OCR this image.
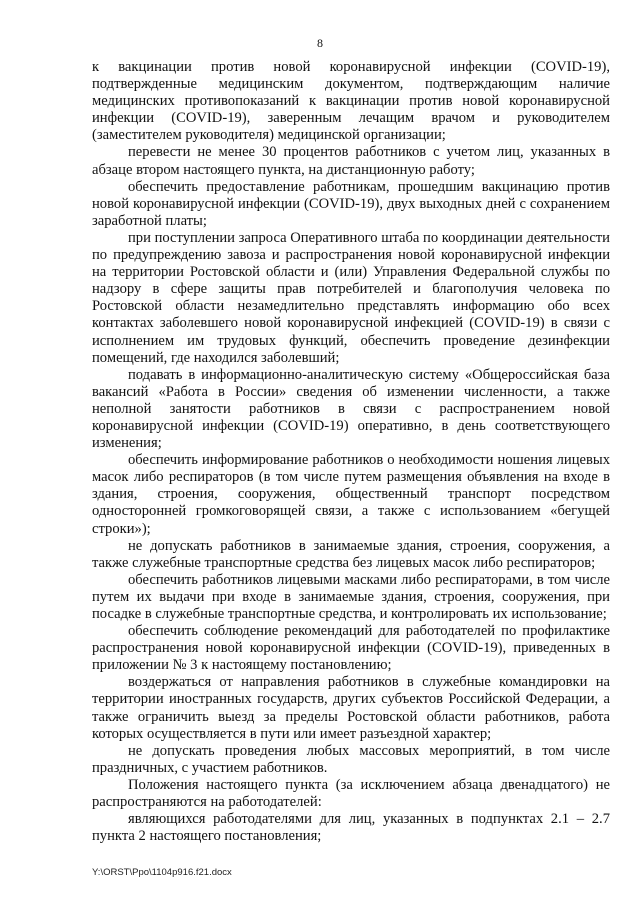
8

к вакцинации против новой коронавирусной инфекции (COVID-19), подтвержденные медицинским документом, подтверждающим наличие медицинских противопоказаний к вакцинации против новой коронавирусной инфекции (COVID-19), заверенным лечащим врачом и руководителем (заместителем руководителя) медицинской организации;

перевести не менее 30 процентов работников с учетом лиц, указанных в абзаце втором настоящего пункта, на дистанционную работу;

обеспечить предоставление работникам, прошедшим вакцинацию против новой коронавирусной инфекции (COVID-19), двух выходных дней с сохранением заработной платы;

при поступлении запроса Оперативного штаба по координации деятельности по предупреждению завоза и распространения новой коронавирусной инфекции на территории Ростовской области и (или) Управления Федеральной службы по надзору в сфере защиты прав потребителей и благополучия человека по Ростовской области незамедлительно представлять информацию обо всех контактах заболевшего новой коронавирусной инфекцией (COVID-19) в связи с исполнением им трудовых функций, обеспечить проведение дезинфекции помещений, где находился заболевший;

подавать в информационно-аналитическую систему «Общероссийская база вакансий «Работа в России» сведения об изменении численности, а также неполной занятости работников в связи с распространением новой коронавирусной инфекции (COVID-19) оперативно, в день соответствующего изменения;

обеспечить информирование работников о необходимости ношения лицевых масок либо респираторов (в том числе путем размещения объявления на входе в здания, строения, сооружения, общественный транспорт посредством односторонней громкоговорящей связи, а также с использованием «бегущей строки»);

не допускать работников в занимаемые здания, строения, сооружения, а также служебные транспортные средства без лицевых масок либо респираторов;

обеспечить работников лицевыми масками либо респираторами, в том числе путем их выдачи при входе в занимаемые здания, строения, сооружения, при посадке в служебные транспортные средства, и контролировать их использование;

обеспечить соблюдение рекомендаций для работодателей по профилактике распространения новой коронавирусной инфекции (COVID-19), приведенных в приложении № 3 к настоящему постановлению;

воздержаться от направления работников в служебные командировки на территории иностранных государств, других субъектов Российской Федерации, а также ограничить выезд за пределы Ростовской области работников, работа которых осуществляется в пути или имеет разъездной характер;

не допускать проведения любых массовых мероприятий, в том числе праздничных, с участием работников.

Положения настоящего пункта (за исключением абзаца двенадцатого) не распространяются на работодателей:

являющихся работодателями для лиц, указанных в подпунктах 2.1 – 2.7 пункта 2 настоящего постановления;

Y:\ORST\Ppo\1104p916.f21.docx
